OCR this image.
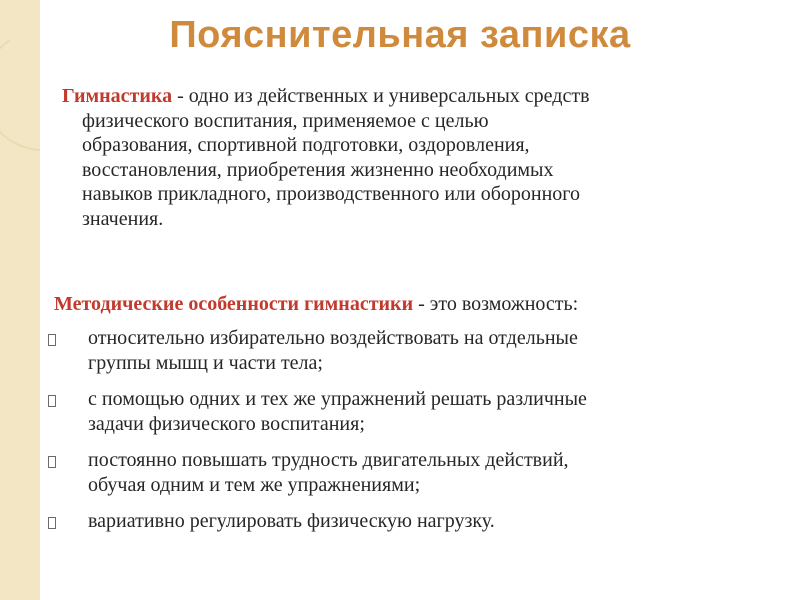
Пояснительная записка

Гимнастика - одно из действенных и универсальных средств
физического воспитания, применяемое с целью
образования, спортивной подготовки, оздоровления,
восстановления, приобретения жизненно необходимых
навыков прикладного, производственного или оборонного
значения.

Методические особенности гимнастики - это возможность:

относительно избирательно воздействовать на отдельные
группы мышц и части тела;
с помощью одних и тех же упражнений решать различные
задачи физического воспитания;
постоянно повышать трудность двигательных действий,
обучая одним и тем же упражнениями;
вариативно регулировать физическую нагрузку.
